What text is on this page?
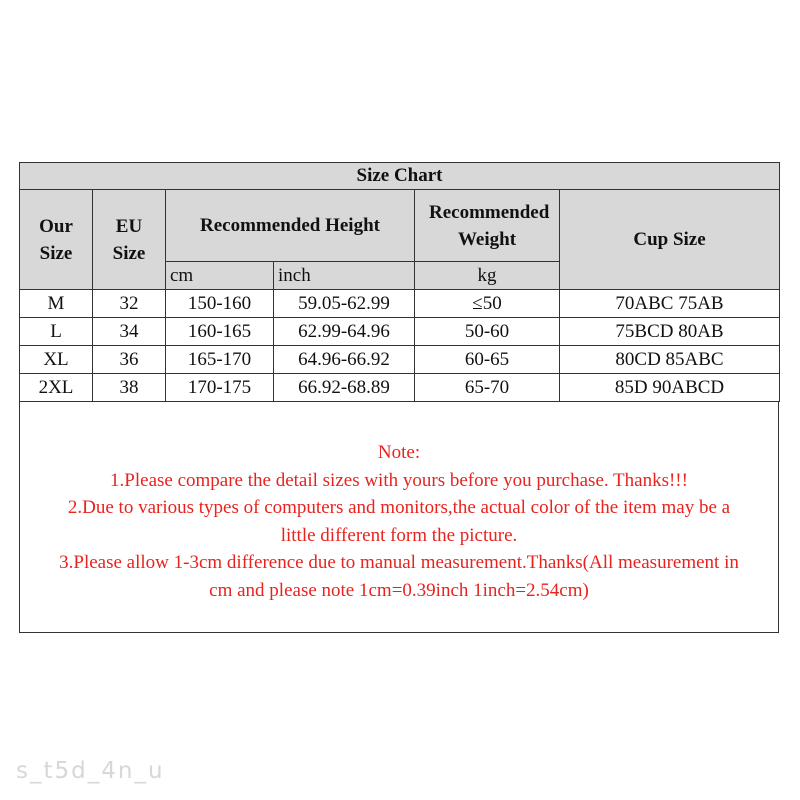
Size Chart					
Our Size	EU Size	Recommended Height		Recommended Weight	Cup Size
		cm	inch	kg	
M	32	150-160	59.05-62.99	≤50	70ABC 75AB
L	34	160-165	62.99-64.96	50-60	75BCD 80AB
XL	36	165-170	64.96-66.92	60-65	80CD 85ABC
2XL	38	170-175	66.92-68.89	65-70	85D 90ABCD
Note:
1.Please compare the detail sizes with yours before you purchase. Thanks!!!
2.Due to various types of computers and monitors,the actual color of the item may be a
little different form the picture.
3.Please allow 1-3cm difference due to manual measurement.Thanks(All measurement in
cm and please note 1cm=0.39inch 1inch=2.54cm)
s_t5d_4n_u
